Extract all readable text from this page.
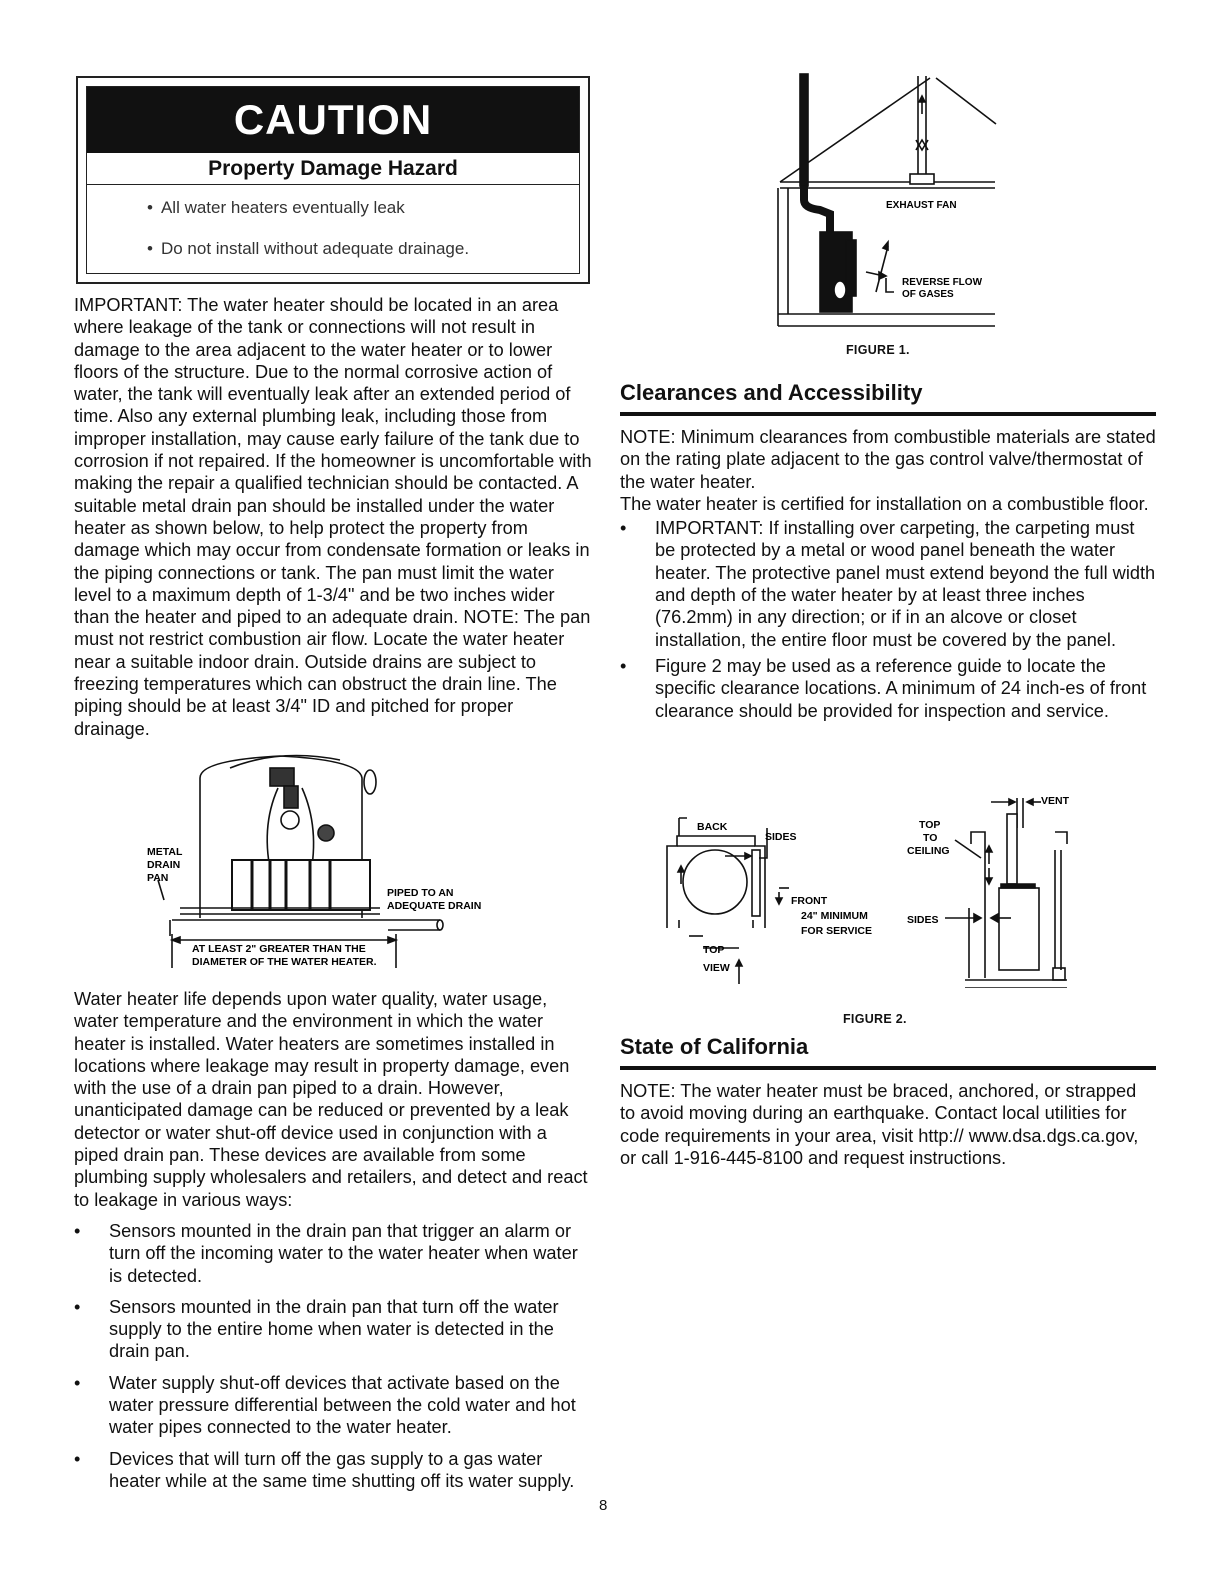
CAUTION
Property Damage Hazard
• All water heaters eventually leak
• Do not install without adequate drainage.

IMPORTANT: The water heater should be located in an area where leakage of the tank or connections will not result in damage to the area adjacent to the water heater or to lower floors of the structure. Due to the normal corrosive action of water, the tank will eventually leak after an extended period of time. Also any external plumbing leak, including those from improper installation, may cause early failure of the tank due to corrosion if not repaired. If the homeowner is uncomfortable with making the repair a qualified technician should be contacted. A suitable metal drain pan should be installed under the water heater as shown below, to help protect the property from damage which may occur from condensate formation or leaks in the piping connections or tank. The pan must limit the water level to a maximum depth of 1-3/4" and be two inches wider than the heater and piped to an adequate drain. NOTE: The pan must not restrict combustion air flow. Locate the water heater near a suitable indoor drain. Outside drains are subject to freezing temperatures which can obstruct the drain line. The piping should be at least 3/4" ID and pitched for proper drainage.

METAL
DRAIN
PAN
PIPED TO AN
ADEQUATE DRAIN
AT LEAST 2" GREATER THAN THE
DIAMETER OF THE WATER HEATER.

Water heater life depends upon water quality, water usage, water temperature and the environment in which the water heater is installed. Water heaters are sometimes installed in locations where leakage may result in property damage, even with the use of a drain pan piped to a drain. However, unanticipated damage can be reduced or prevented by a leak detector or water shut-off device used in conjunction with a piped drain pan. These devices are available from some plumbing supply wholesalers and retailers, and detect and react to leakage in various ways:

• Sensors mounted in the drain pan that trigger an alarm or turn off the incoming water to the water heater when water is detected.
• Sensors mounted in the drain pan that turn off the water supply to the entire home when water is detected in the drain pan.
• Water supply shut-off devices that activate based on the water pressure differential between the cold water and hot water pipes connected to the water heater.
• Devices that will turn off the gas supply to a gas water heater while at the same time shutting off its water supply.
EXHAUST FAN
REVERSE FLOW
OF GASES
FIGURE 1.
Clearances and Accessibility

NOTE: Minimum clearances from combustible materials are stated on the rating plate adjacent to the gas control valve/thermostat of the water heater.

The water heater is certified for installation on a combustible floor.

• IMPORTANT: If installing over carpeting, the carpeting must be protected by a metal or wood panel beneath the water heater. The protective panel must extend beyond the full width and depth of the water heater by at least three inches (76.2mm) in any direction; or if in an alcove or closet installation, the entire floor must be covered by the panel.
• Figure 2 may be used as a reference guide to locate the specific clearance locations. A minimum of 24 inch-es of front clearance should be provided for inspection and service.
BACK
SIDES
FRONT
24" MINIMUM
FOR SERVICE
TOP
VIEW
VENT
TOP
TO
CEILING
SIDES
FIGURE 2.
State of California

NOTE: The water heater must be braced, anchored, or strapped to avoid moving during an earthquake. Contact local utilities for code requirements in your area, visit http:// www.dsa.dgs.ca.gov, or call 1-916-445-8100 and request instructions.

8
